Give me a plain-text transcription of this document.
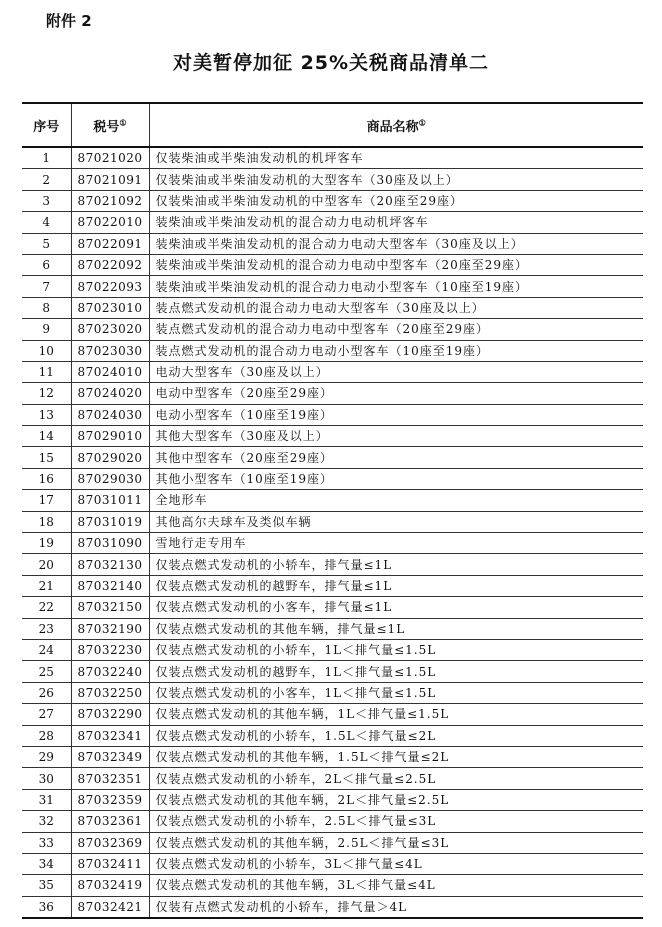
附件 2
对美暂停加征 25%关税商品清单二
序号	税号①	商品名称①
1	87021020	仅装柴油或半柴油发动机的机坪客车
2	87021091	仅装柴油或半柴油发动机的大型客车（30座及以上）
3	87021092	仅装柴油或半柴油发动机的中型客车（20座至29座）
4	87022010	装柴油或半柴油发动机的混合动力电动机坪客车
5	87022091	装柴油或半柴油发动机的混合动力电动大型客车（30座及以上）
6	87022092	装柴油或半柴油发动机的混合动力电动中型客车（20座至29座）
7	87022093	装柴油或半柴油发动机的混合动力电动小型客车（10座至19座）
8	87023010	装点燃式发动机的混合动力电动大型客车（30座及以上）
9	87023020	装点燃式发动机的混合动力电动中型客车（20座至29座）
10	87023030	装点燃式发动机的混合动力电动小型客车（10座至19座）
11	87024010	电动大型客车（30座及以上）
12	87024020	电动中型客车（20座至29座）
13	87024030	电动小型客车（10座至19座）
14	87029010	其他大型客车（30座及以上）
15	87029020	其他中型客车（20座至29座）
16	87029030	其他小型客车（10座至19座）
17	87031011	全地形车
18	87031019	其他高尔夫球车及类似车辆
19	87031090	雪地行走专用车
20	87032130	仅装点燃式发动机的小轿车，排气量≤1L
21	87032140	仅装点燃式发动机的越野车，排气量≤1L
22	87032150	仅装点燃式发动机的小客车，排气量≤1L
23	87032190	仅装点燃式发动机的其他车辆，排气量≤1L
24	87032230	仅装点燃式发动机的小轿车，1L＜排气量≤1.5L
25	87032240	仅装点燃式发动机的越野车，1L＜排气量≤1.5L
26	87032250	仅装点燃式发动机的小客车，1L＜排气量≤1.5L
27	87032290	仅装点燃式发动机的其他车辆，1L＜排气量≤1.5L
28	87032341	仅装点燃式发动机的小轿车，1.5L＜排气量≤2L
29	87032349	仅装点燃式发动机的其他车辆，1.5L＜排气量≤2L
30	87032351	仅装点燃式发动机的小轿车，2L＜排气量≤2.5L
31	87032359	仅装点燃式发动机的其他车辆，2L＜排气量≤2.5L
32	87032361	仅装点燃式发动机的小轿车，2.5L＜排气量≤3L
33	87032369	仅装点燃式发动机的其他车辆，2.5L＜排气量≤3L
34	87032411	仅装点燃式发动机的小轿车，3L＜排气量≤4L
35	87032419	仅装点燃式发动机的其他车辆，3L＜排气量≤4L
36	87032421	仅装有点燃式发动机的小轿车，排气量＞4L
